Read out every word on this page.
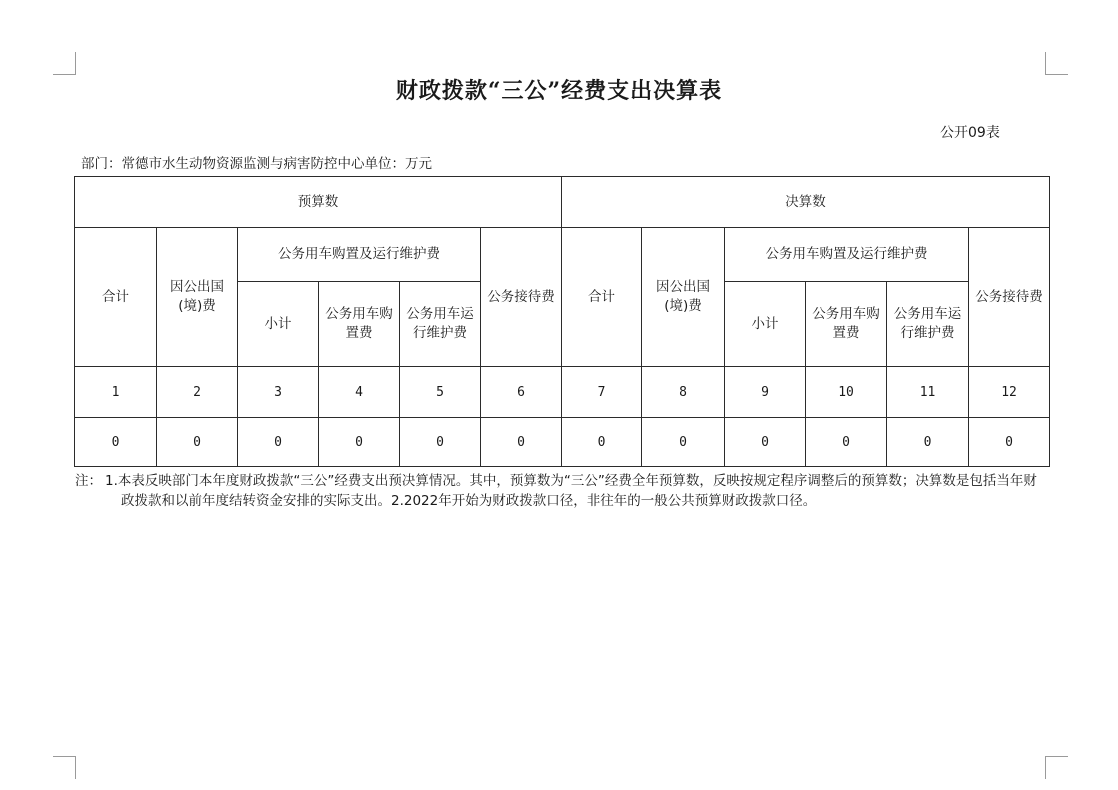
财政拨款“三公”经费支出决算表
公开09表
部门：常德市水生动物资源监测与病害防控中心单位：万元
预算数						决算数					
合计	因公出国(境)费	公务用车购置及运行维护费			公务接待费	合计	因公出国(境)费	公务用车购置及运行维护费			公务接待费
		小计	公务用车购置费	公务用车运行维护费				小计	公务用车购置费	公务用车运行维护费	
1	2	3	4	5	6	7	8	9	10	11	12
0	0	0	0	0	0	0	0	0	0	0	0
注： 1.本表反映部门本年度财政拨款“三公”经费支出预决算情况。其中，预算数为“三公”经费全年预算数，反映按规定程序调整后的预算数；决算数是包括当年财政拨款和以前年度结转资金安排的实际支出。2.2022年开始为财政拨款口径，非往年的一般公共预算财政拨款口径。
